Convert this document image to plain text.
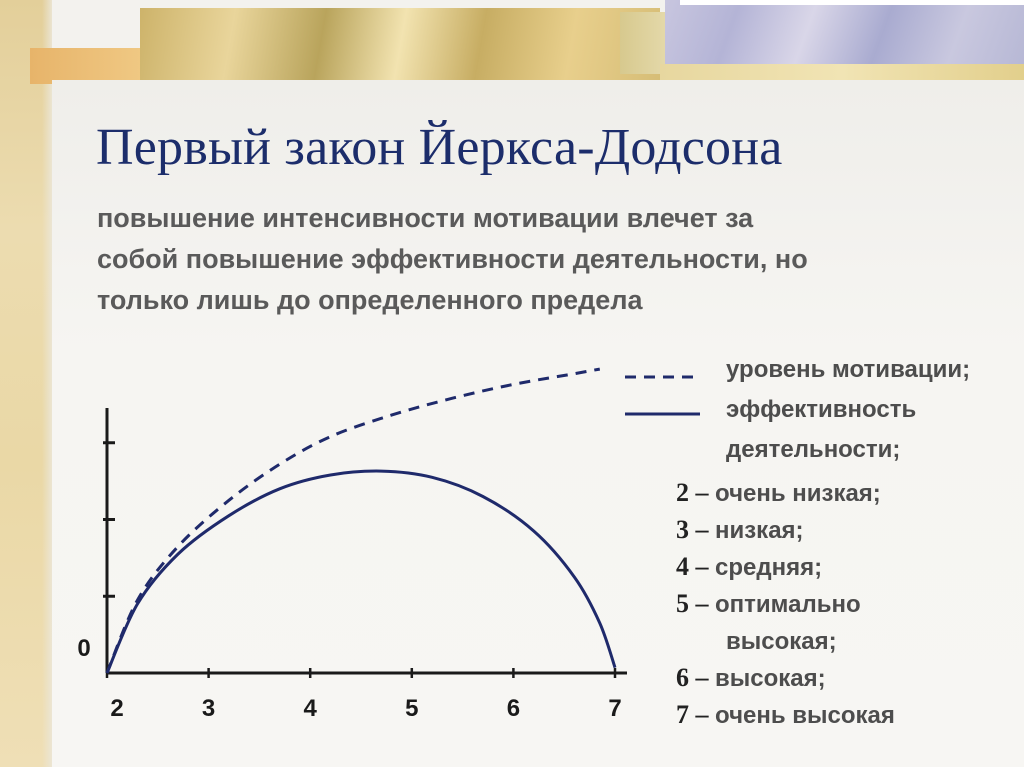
Первый закон Йеркса-Додсона
повышение интенсивности мотивации влечет за
собой повышение эффективности деятельности, но
только лишь до определенного предела
2	3	4	5	6	7
0
уровень мотивации;
эффективность
деятельности;
2 – очень низкая;
3 – низкая;
4 – средняя;
5 – оптимально
высокая;
6 – высокая;
7 – очень высокая
